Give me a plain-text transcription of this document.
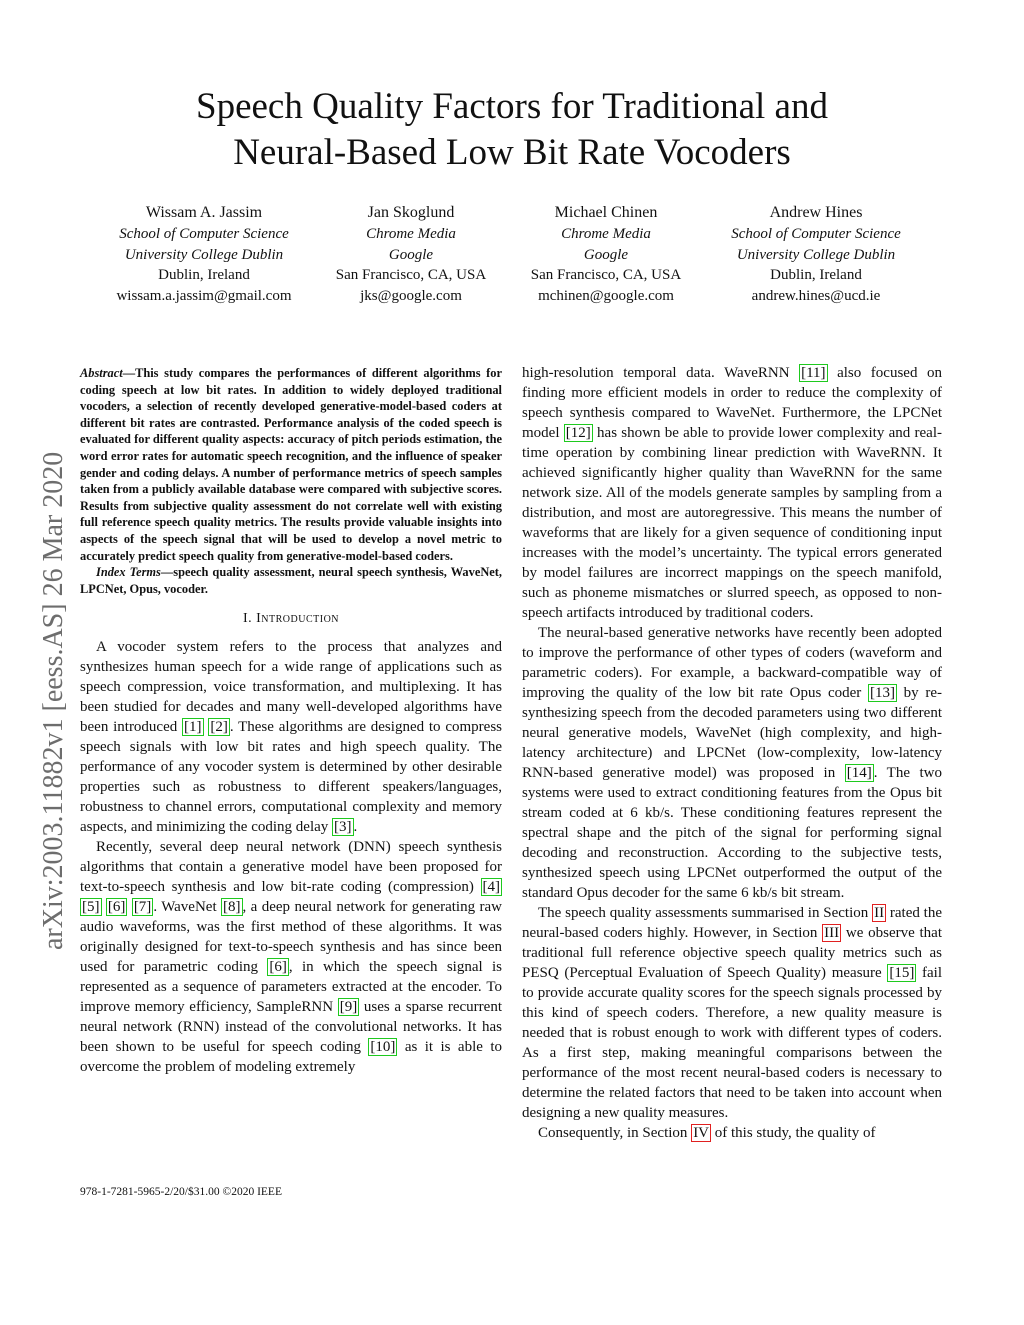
Speech Quality Factors for Traditional and
Neural-Based Low Bit Rate Vocoders
Wissam A. Jassim
School of Computer Science
University College Dublin
Dublin, Ireland
wissam.a.jassim@gmail.com
Jan Skoglund
Chrome Media
Google
San Francisco, CA, USA
jks@google.com
Michael Chinen
Chrome Media
Google
San Francisco, CA, USA
mchinen@google.com
Andrew Hines
School of Computer Science
University College Dublin
Dublin, Ireland
andrew.hines@ucd.ie
arXiv:2003.11882v1 [eess.AS] 26 Mar 2020

Abstract—This study compares the performances of different algorithms for coding speech at low bit rates. In addition to widely deployed traditional vocoders, a selection of recently developed generative-model-based coders at different bit rates are contrasted. Performance analysis of the coded speech is evaluated for different quality aspects: accuracy of pitch periods estimation, the word error rates for automatic speech recognition, and the influence of speaker gender and coding delays. A number of performance metrics of speech samples taken from a publicly available database were compared with subjective scores. Results from subjective quality assessment do not correlate well with existing full reference speech quality metrics. The results provide valuable insights into aspects of the speech signal that will be used to develop a novel metric to accurately predict speech quality from generative-model-based coders.

Index Terms—speech quality assessment, neural speech synthesis, WaveNet, LPCNet, Opus, vocoder.

I. Introduction

A vocoder system refers to the process that analyzes and synthesizes human speech for a wide range of applications such as speech compression, voice transformation, and multiplexing. It has been studied for decades and many well-developed algorithms have been introduced [1] [2] . These algorithms are designed to compress speech signals with low bit rates and high speech quality. The performance of any vocoder system is determined by other desirable properties such as robustness to different speakers/languages, robustness to channel errors, computational complexity and memory aspects, and minimizing the coding delay [3] .

Recently, several deep neural network (DNN) speech synthesis algorithms that contain a generative model have been proposed for text-to-speech synthesis and low bit-rate coding (compression) [4] [5] [6] [7] . WaveNet [8] , a deep neural network for generating raw audio waveforms, was the first method of these algorithms. It was originally designed for text-to-speech synthesis and has since been used for parametric coding [6] , in which the speech signal is represented as a sequence of parameters extracted at the encoder. To improve memory efficiency, SampleRNN [9] uses a sparse recurrent neural network (RNN) instead of the convolutional networks. It has been shown to be useful for speech coding [10] as it is able to overcome the problem of modeling extremely

high-resolution temporal data. WaveRNN [11] also focused on finding more efficient models in order to reduce the complexity of speech synthesis compared to WaveNet. Furthermore, the LPCNet model [12] has shown be able to provide lower complexity and real-time operation by combining linear prediction with WaveRNN. It achieved significantly higher quality than WaveRNN for the same network size. All of the models generate samples by sampling from a distribution, and most are autoregressive. This means the number of waveforms that are likely for a given sequence of conditioning input increases with the model’s uncertainty. The typical errors generated by model failures are incorrect mappings on the speech manifold, such as phoneme mismatches or slurred speech, as opposed to non-speech artifacts introduced by traditional coders.

The neural-based generative networks have recently been adopted to improve the performance of other types of coders (waveform and parametric coders). For example, a backward-compatible way of improving the quality of the low bit rate Opus coder [13] by re-synthesizing speech from the decoded parameters using two different neural generative models, WaveNet (high complexity, and high-latency architecture) and LPCNet (low-complexity, low-latency RNN-based generative model) was proposed in [14] . The two systems were used to extract conditioning features from the Opus bit stream coded at 6 kb/s. These conditioning features represent the spectral shape and the pitch of the signal for performing signal decoding and reconstruction. According to the subjective tests, synthesized speech using LPCNet outperformed the output of the standard Opus decoder for the same 6 kb/s bit stream.

The speech quality assessments summarised in Section II rated the neural-based coders highly. However, in Section III we observe that traditional full reference objective speech quality metrics such as PESQ (Perceptual Evaluation of Speech Quality) measure [15] fail to provide accurate quality scores for the speech signals processed by this kind of speech coders. Therefore, a new quality measure is needed that is robust enough to work with different types of coders. As a first step, making meaningful comparisons between the performance of the most recent neural-based coders is necessary to determine the related factors that need to be taken into account when designing a new quality measures.

Consequently, in Section IV of this study, the quality of

978-1-7281-5965-2/20/$31.00 ©2020 IEEE
